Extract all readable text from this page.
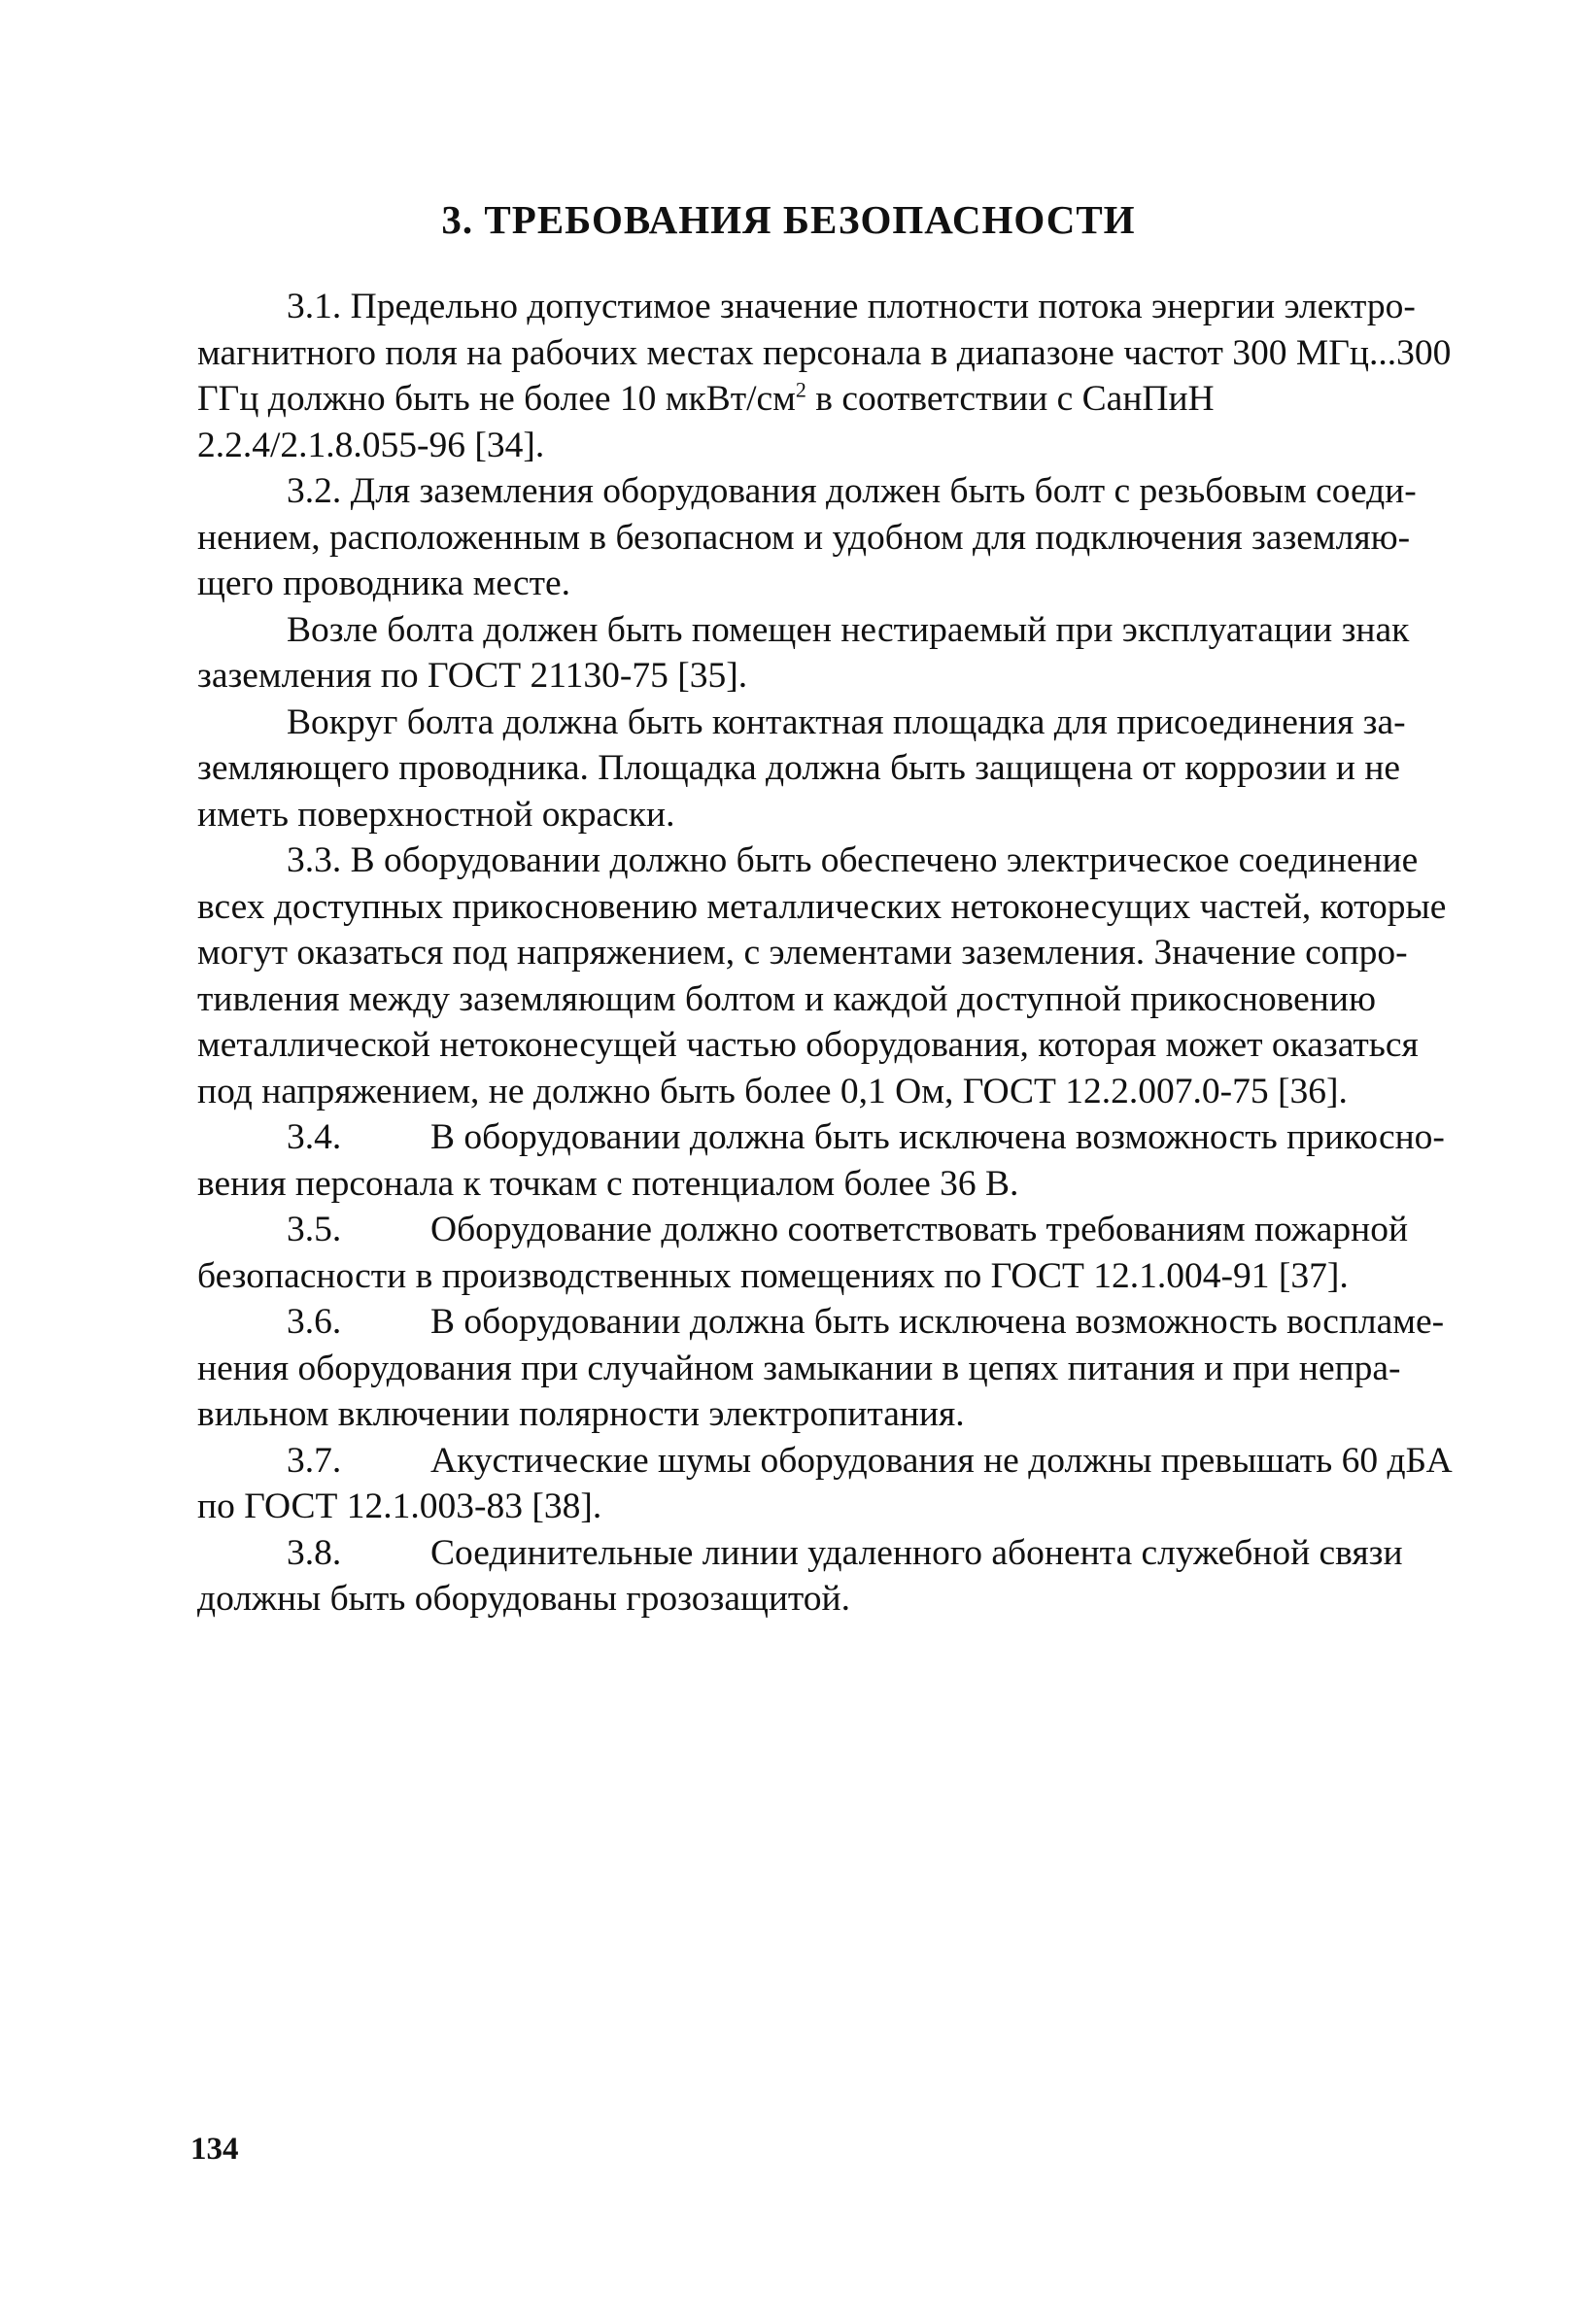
3. ТРЕБОВАНИЯ БЕЗОПАСНОСТИ
3.1. Предельно допустимое значение плотности потока энергии электро-
магнитного поля на рабочих местах персонала в диапазоне частот 300 МГц...300
ГГц должно быть не более 10 мкВт/$см^2$ в соответствии с СанПиН
2.2.4/2.1.8.055-96 [34].
3.2. Для заземления оборудования должен быть болт с резьбовым соеди-
нением, расположенным в безопасном и удобном для подключения заземляю-
щего проводника месте.
Возле болта должен быть помещен нестираемый при эксплуатации знак
заземления по ГОСТ 21130-75 [35].
Вокруг болта должна быть контактная площадка для присоединения за-
земляющего проводника. Площадка должна быть защищена от коррозии и не
иметь поверхностной окраски.
3.3. В оборудовании должно быть обеспечено электрическое соединение
всех доступных прикосновению металлических нетоконесущих частей, которые
могут оказаться под напряжением, с элементами заземления. Значение сопро-
тивления между заземляющим болтом и каждой доступной прикосновению
металлической нетоконесущей частью оборудования, которая может оказаться
под напряжением, не должно быть более 0,1 Ом, ГОСТ 12.2.007.0-75 [36].
3.4. В оборудовании должна быть исключена возможность прикосно-
вения персонала к точкам с потенциалом более 36 В.
3.5. Оборудование должно соответствовать требованиям пожарной
безопасности в производственных помещениях по ГОСТ 12.1.004-91 [37].
3.6. В оборудовании должна быть исключена возможность воспламе-
нения оборудования при случайном замыкании в цепях питания и при непра-
вильном включении полярности электропитания.
3.7. Акустические шумы оборудования не должны превышать 60 дБА
по ГОСТ 12.1.003-83 [38].
3.8. Соединительные линии удаленного абонента служебной связи
должны быть оборудованы грозозащитой.
134
